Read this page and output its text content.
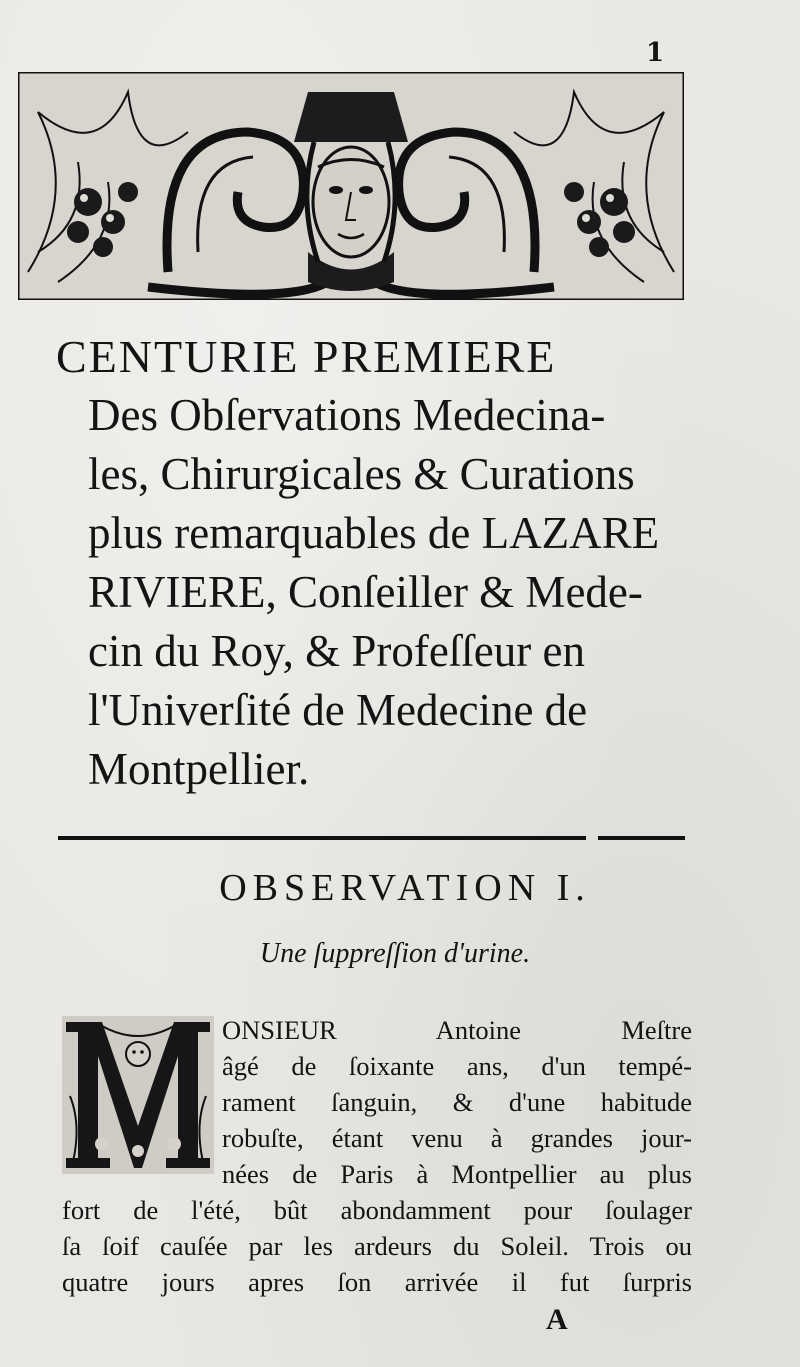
1

CENTURIE PREMIERE

Des Obſervations Medecina-

les, Chirurgicales & Curations

plus remarquables de LAZARE

RIVIERE, Conſeiller & Mede-

cin du Roy, & Profeſſeur en

l'Univerſité de Medecine de

Montpellier.

OBSERVATION I.

Une ſuppreſſion d'urine.

ONSIEUR Antoine Meſtre
âgé de ſoixante ans, d'un tempé-
rament ſanguin, & d'une habitude
robuſte, étant venu à grandes jour-
nées de Paris à Montpellier au plus
fort de l'été, bût abondamment pour ſoulager
ſa ſoif cauſée par les ardeurs du Soleil. Trois ou
quatre jours apres ſon arrivée il fut ſurpris

A
